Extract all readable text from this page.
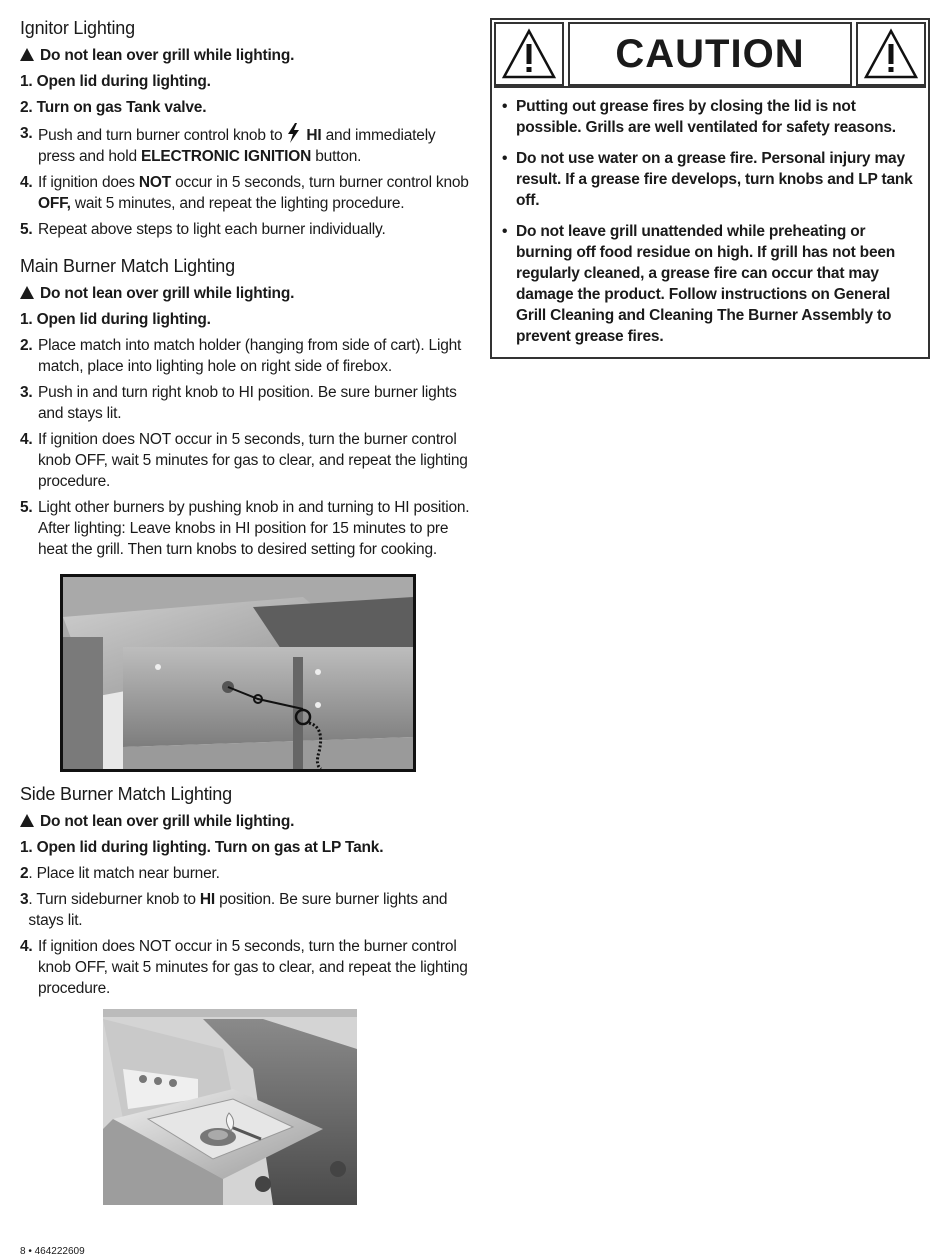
Ignitor Lighting

Do not lean over grill while lighting.

1. Open lid during lighting.

2. Turn on gas Tank valve.

3. Push and turn burner control knob to HI and immediately press and hold ELECTRONIC IGNITION button.
4. If ignition does NOT occur in 5 seconds, turn burner control knob OFF, wait 5 minutes, and repeat the lighting procedure.
5. Repeat above steps to light each burner individually.
Main Burner Match Lighting

Do not lean over grill while lighting.

1. Open lid during lighting.

2. Place match into match holder (hanging from side of cart). Light match, place into lighting hole on right side of firebox.
3. Push in and turn right knob to HI position. Be sure burner lights and stays lit.
4. If ignition does NOT occur in 5 seconds, turn the burner control knob OFF, wait 5 minutes for gas to clear, and repeat the lighting procedure.
5. Light other burners by pushing knob in and turning to HI position. After lighting: Leave knobs in HI position for 15 minutes to pre heat the grill. Then turn knobs to desired setting for cooking.
Side Burner Match Lighting

Do not lean over grill while lighting.

1. Open lid during lighting. Turn on gas at LP Tank.

2 . Place lit match near burner.
3 . Turn sideburner knob to HI position. Be sure burner lights and stays lit.
4. If ignition does NOT occur in 5 seconds, turn the burner control knob OFF, wait 5 minutes for gas to clear, and repeat the lighting procedure.
CAUTION
• Putting out grease fires by closing the lid is not possible. Grills are well ventilated for safety reasons.
• Do not use water on a grease fire. Personal injury may result. If a grease fire develops, turn knobs and LP tank off.
• Do not leave grill unattended while preheating or burning off food residue on high. If grill has not been regularly cleaned, a grease fire can occur that may damage the product. Follow instructions on General Grill Cleaning and Cleaning The Burner Assembly to prevent grease fires.
8 • 464222609
